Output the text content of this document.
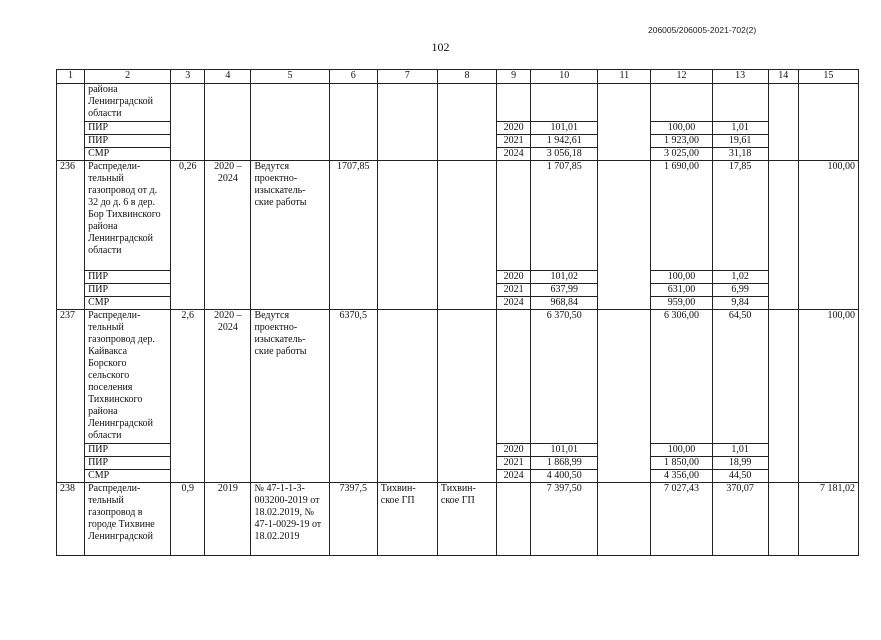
206005/206005-2021-702(2)
102
1	2	3	4	5	6	7	8	9	10	11	12	13	14	15
	района Ленинградской области													
	ПИР							2020	101,01		100,00	1,01		
	ПИР							2021	1 942,61		1 923,00	19,61		
	СМР							2024	3 056,18		3 025,00	31,18		
236	Распредели- тельный газопровод от д. 32 до д. 6 в дер. Бор Тихвинского района Ленинградской области	0,26	2020 – 2024	Ведутся проектно- изыскатель- ские работы	1707,85				1 707,85		1 690,00	17,85		100,00
	ПИР							2020	101,02		100,00	1,02		
	ПИР							2021	637,99		631,00	6,99		
	СМР							2024	968,84		959,00	9,84		
237	Распредели- тельный газопровод дер. Кайвакса Борского сельского поселения Тихвинского района Ленинградской области	2,6	2020 – 2024	Ведутся проектно- изыскатель- ские работы	6370,5				6 370,50		6 306,00	64,50		100,00
	ПИР							2020	101,01		100,00	1,01		
	ПИР							2021	1 868,99		1 850,00	18,99		
	СМР							2024	4 400,50		4 356,00	44,50		
238	Распредели- тельный газопровод в городе Тихвине Ленинградской	0,9	2019	№ 47-1-1-3- 003200-2019 от 18.02.2019, № 47-1-0029-19 от 18.02.2019	7397,5	Тихвин- ское ГП	Тихвин- ское ГП		7 397,50		7 027,43	370,07		7 181,02
